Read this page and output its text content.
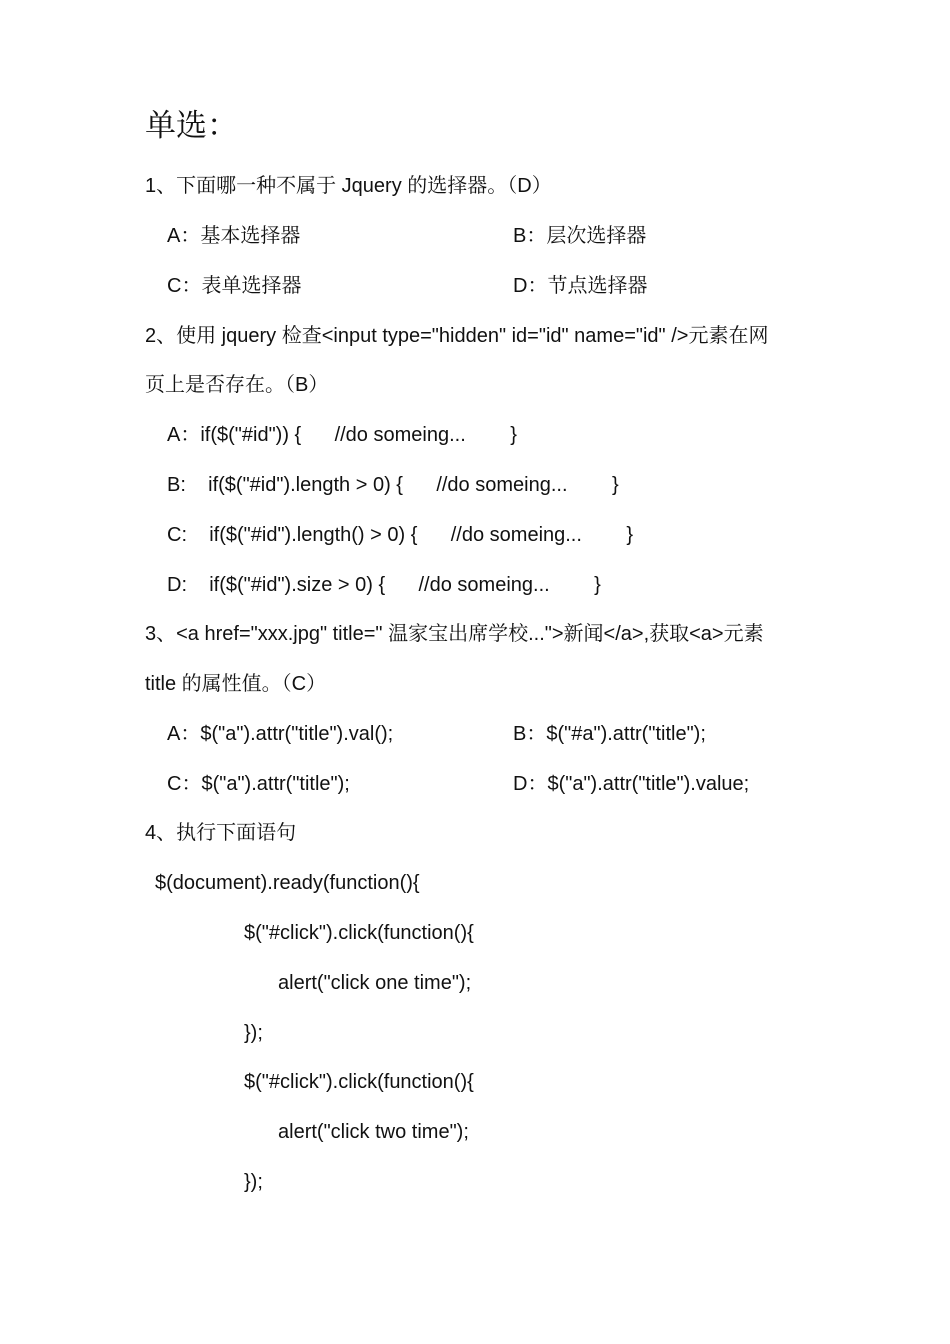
单选：
1、下面哪一种不属于 Jquery 的选择器。（D）
A：基本选择器	B：层次选择器
C：表单选择器	D：节点选择器
2、使用 jquery 检查<input type="hidden" id="id" name="id" />元素在网
页上是否存在。（B）
A：if($("#id")) {      //do someing...        }
B:    if($("#id").length > 0) {      //do someing...        }
C:    if($("#id").length() > 0) {      //do someing...        }
D:    if($("#id").size > 0) {      //do someing...        }
3、<a href="xxx.jpg" title=" 温家宝出席学校...">新闻</a>,获取<a>元素
title 的属性值。（C）
A：$("a").attr("title").val();	B：$("#a").attr("title");
C：$("a").attr("title");	D：$("a").attr("title").value;
4、执行下面语句
$(document).ready(function(){
$("#click").click(function(){
alert("click one time");
});
$("#click").click(function(){
alert("click two time");
});
